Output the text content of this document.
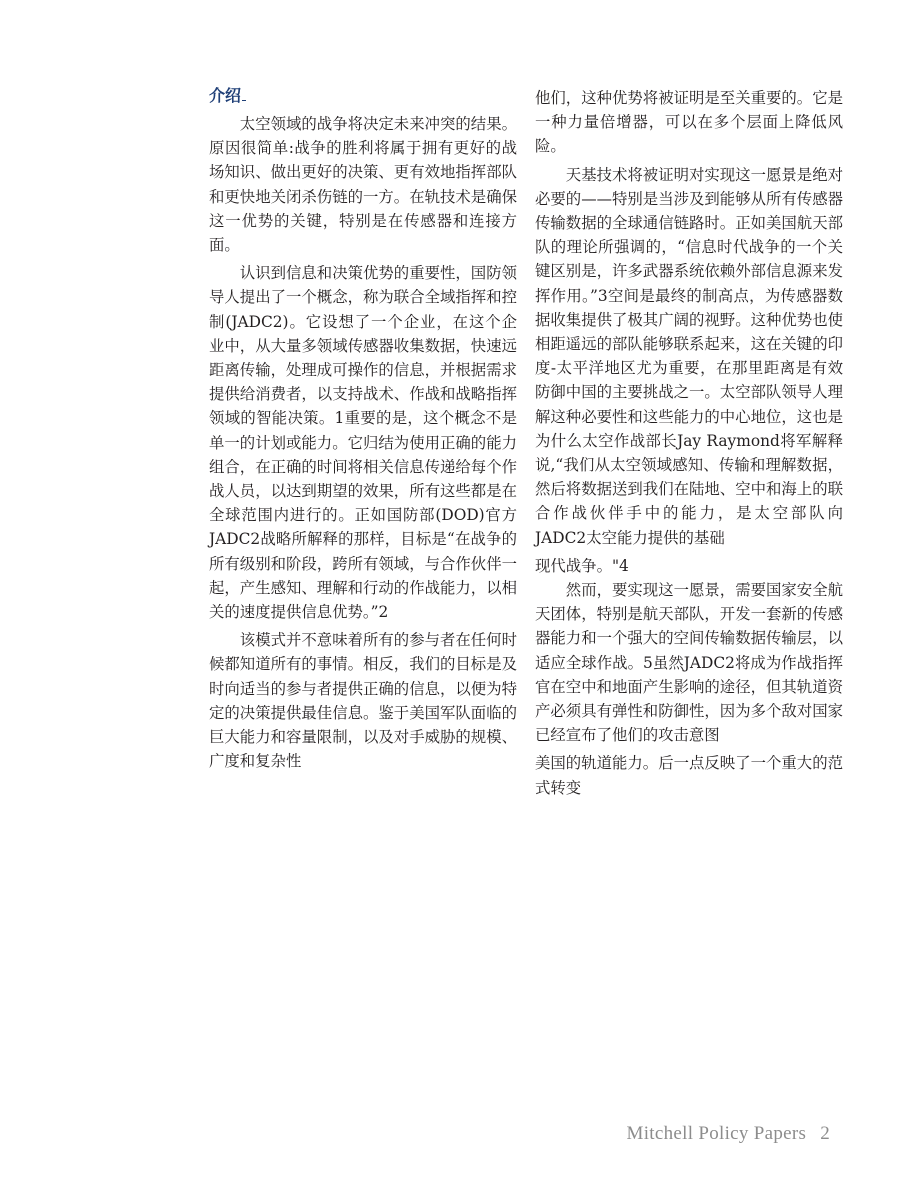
介绍

太空领域的战争将决定未来冲突的结果。原因很简单:战争的胜利将属于拥有更好的战场知识、做出更好的决策、更有效地指挥部队和更快地关闭杀伤链的一方。在轨技术是确保这一优势的关键，特别是在传感器和连接方面。

认识到信息和决策优势的重要性，国防领导人提出了一个概念，称为联合全域指挥和控制(JADC2)。它设想了一个企业，在这个企业中，从大量多领域传感器收集数据，快速远距离传输，处理成可操作的信息，并根据需求提供给消费者，以支持战术、作战和战略指挥领域的智能决策。1重要的是，这个概念不是单一的计划或能力。它归结为使用正确的能力组合，在正确的时间将相关信息传递给每个作战人员，以达到期望的效果，所有这些都是在全球范围内进行的。正如国防部(DOD)官方JADC2战略所解释的那样，目标是“在战争的所有级别和阶段，跨所有领域，与合作伙伴一起，产生感知、理解和行动的作战能力，以相关的速度提供信息优势。”2

该模式并不意味着所有的参与者在任何时候都知道所有的事情。相反，我们的目标是及时向适当的参与者提供正确的信息，以便为特定的决策提供最佳信息。鉴于美国军队面临的巨大能力和容量限制，以及对手威胁的规模、广度和复杂性

他们，这种优势将被证明是至关重要的。它是一种力量倍增器，可以在多个层面上降低风险。

天基技术将被证明对实现这一愿景是绝对必要的——特别是当涉及到能够从所有传感器传输数据的全球通信链路时。正如美国航天部队的理论所强调的，“信息时代战争的一个关键区别是，许多武器系统依赖外部信息源来发挥作用。”3空间是最终的制高点，为传感器数据收集提供了极其广阔的视野。这种优势也使相距遥远的部队能够联系起来，这在关键的印度-太平洋地区尤为重要，在那里距离是有效防御中国的主要挑战之一。太空部队领导人理解这种必要性和这些能力的中心地位，这也是为什么太空作战部长Jay Raymond将军解释说,“我们从太空领域感知、传输和理解数据，然后将数据送到我们在陆地、空中和海上的联合作战伙伴手中的能力，是太空部队向JADC2太空能力提供的基础

现代战争。"4

然而，要实现这一愿景，需要国家安全航天团体，特别是航天部队，开发一套新的传感器能力和一个强大的空间传输数据传输层，以适应全球作战。5虽然JADC2将成为作战指挥官在空中和地面产生影响的途径，但其轨道资产必须具有弹性和防御性，因为多个敌对国家已经宣布了他们的攻击意图

美国的轨道能力。后一点反映了一个重大的范式转变

Mitchell Policy Papers 2
